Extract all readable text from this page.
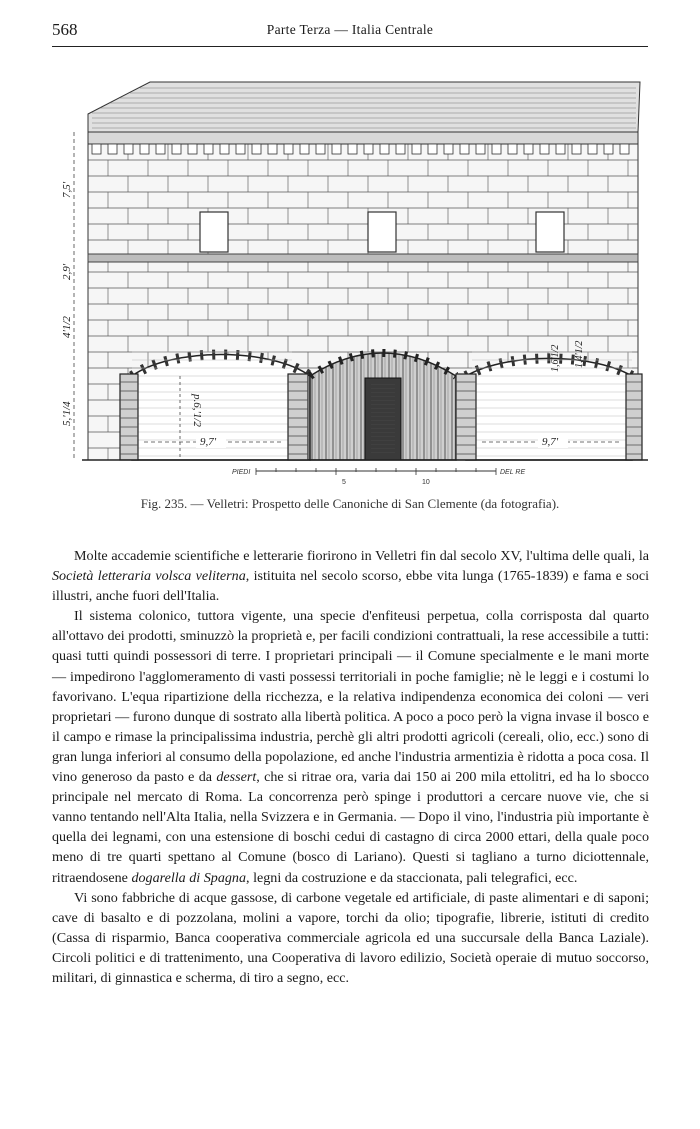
568	Parte Terza — Italia Centrale
7,5'
2,9'
4'1/2
5,'1/4	p.6,'1/2
9,7'	9,7'
1,6'1/2 1,4'1/2
PIEDI	DEL RE
5	10
Fig. 235. — Velletri: Prospetto delle Canoniche di San Clemente (da fotografia).

Molte accademie scientifiche e letterarie fiorirono in Velletri fin dal secolo XV, l'ultima delle quali, la Società letteraria volsca veliterna, istituita nel secolo scorso, ebbe vita lunga (1765-1839) e fama e soci illustri, anche fuori dell'Italia.

Il sistema colonico, tuttora vigente, una specie d'enfiteusi perpetua, colla corrisposta dal quarto all'ottavo dei prodotti, sminuzzò la proprietà e, per facili condizioni contrattuali, la rese accessibile a tutti: quasi tutti quindi possessori di terre. I proprietari principali — il Comune specialmente e le mani morte — impedirono l'agglomeramento di vasti possessi territoriali in poche famiglie; nè le leggi e i costumi lo favorivano. L'equa ripartizione della ricchezza, e la relativa indipendenza economica dei coloni — veri proprietari — furono dunque di sostrato alla libertà politica. A poco a poco però la vigna invase il bosco e il campo e rimase la principalissima industria, perchè gli altri prodotti agricoli (cereali, olio, ecc.) sono di gran lunga inferiori al consumo della popolazione, ed anche l'industria armentizia è ridotta a poca cosa. Il vino generoso da pasto e da dessert, che si ritrae ora, varia dai 150 ai 200 mila ettolitri, ed ha lo sbocco principale nel mercato di Roma. La concorrenza però spinge i produttori a cercare nuove vie, che si vanno tentando nell'Alta Italia, nella Svizzera e in Germania. — Dopo il vino, l'industria più importante è quella dei legnami, con una estensione di boschi cedui di castagno di circa 2000 ettari, della quale poco meno di tre quarti spettano al Comune (bosco di Lariano). Questi si tagliano a turno diciottennale, ritraendosene dogarella di Spagna, legni da costruzione e da staccionata, pali telegrafici, ecc.

Vi sono fabbriche di acque gassose, di carbone vegetale ed artificiale, di paste alimentari e di saponi; cave di basalto e di pozzolana, molini a vapore, torchi da olio; tipografie, librerie, istituti di credito (Cassa di risparmio, Banca cooperativa commerciale agricola ed una succursale della Banca Laziale). Circoli politici e di trattenimento, una Cooperativa di lavoro edilizio, Società operaie di mutuo soccorso, militari, di ginnastica e scherma, di tiro a segno, ecc.
